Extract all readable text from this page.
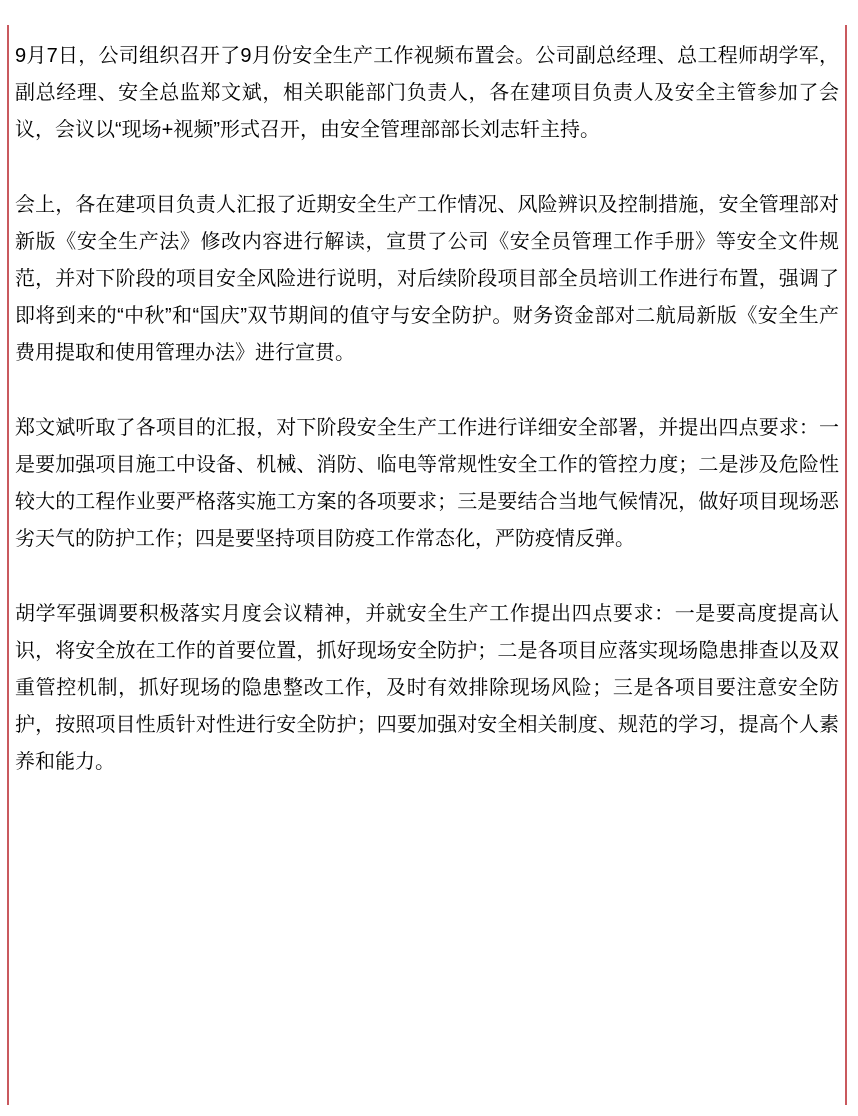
9月7日，公司组织召开了9月份安全生产工作视频布置会。公司副总经理、总工程师胡学军，副总经理、安全总监郑文斌，相关职能部门负责人，各在建项目负责人及安全主管参加了会议，会议以“现场+视频”形式召开，由安全管理部部长刘志轩主持。

会上，各在建项目负责人汇报了近期安全生产工作情况、风险辨识及控制措施，安全管理部对新版《安全生产法》修改内容进行解读，宣贯了公司《安全员管理工作手册》等安全文件规范，并对下阶段的项目安全风险进行说明，对后续阶段项目部全员培训工作进行布置，强调了即将到来的“中秋”和“国庆”双节期间的值守与安全防护。财务资金部对二航局新版《安全生产费用提取和使用管理办法》进行宣贯。

郑文斌听取了各项目的汇报，对下阶段安全生产工作进行详细安全部署，并提出四点要求：一是要加强项目施工中设备、机械、消防、临电等常规性安全工作的管控力度；二是涉及危险性较大的工程作业要严格落实施工方案的各项要求；三是要结合当地气候情况，做好项目现场恶劣天气的防护工作；四是要坚持项目防疫工作常态化，严防疫情反弹。

胡学军强调要积极落实月度会议精神，并就安全生产工作提出四点要求：一是要高度提高认识，将安全放在工作的首要位置，抓好现场安全防护；二是各项目应落实现场隐患排查以及双重管控机制，抓好现场的隐患整改工作，及时有效排除现场风险；三是各项目要注意安全防护，按照项目性质针对性进行安全防护；四要加强对安全相关制度、规范的学习，提高个人素养和能力。
